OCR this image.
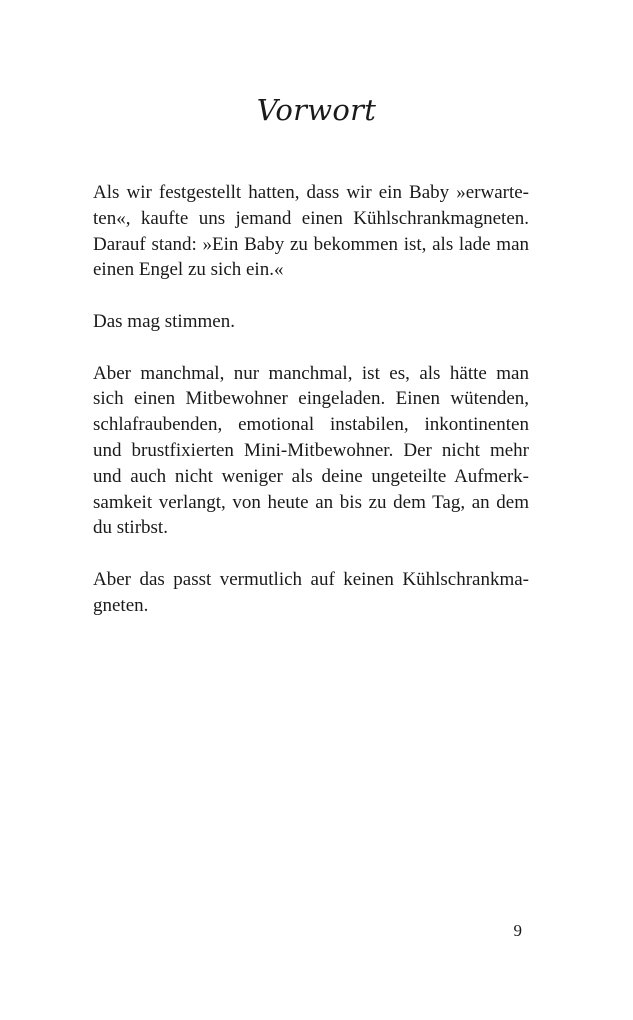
Vorwort

Als wir festgestellt hatten, dass wir ein Baby »erwarte-
ten«, kaufte uns jemand einen Kühlschrankmagneten.
Darauf stand: »Ein Baby zu bekommen ist, als lade man
einen Engel zu sich ein.«

Das mag stimmen.

Aber manchmal, nur manchmal, ist es, als hätte man
sich einen Mitbewohner eingeladen. Einen wütenden,
schlafraubenden, emotional instabilen, inkontinenten
und brustfixierten Mini-Mitbewohner. Der nicht mehr
und auch nicht weniger als deine ungeteilte Aufmerk-
samkeit verlangt, von heute an bis zu dem Tag, an dem
du stirbst.

Aber das passt vermutlich auf keinen Kühlschrankma-
gneten.

9
